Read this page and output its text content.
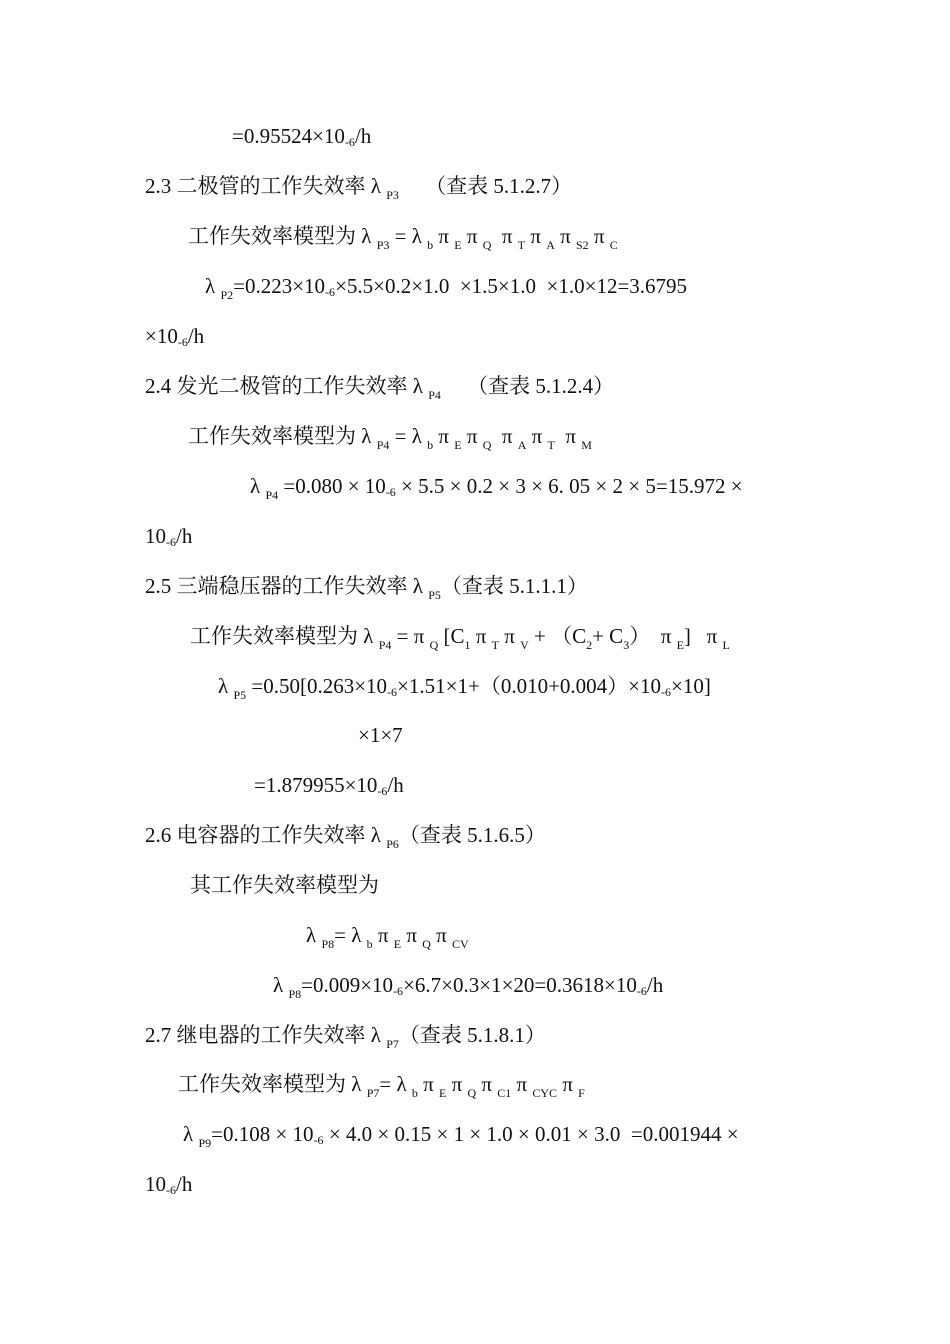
$=0.95524\times 10_{-6}/h$
2.3 二极管的工作失效率 λ $_{P3}$     （查表 5.1.2.7）
工作失效率模型为 λ $_{P3}$ = λ $_b$ π $_E$ π $_Q$  π $_T$ π $_A$ π $_{S2}$ π $_C$
λ $_{P2}=0.223\times 10_{-6}\times 5.5\times 0.2\times 1.0 \times 1.5\times 1.0 \times 1.0\times 12=3.6795$
$\times 10_{-6}/h$
2.4 发光二极管的工作失效率 λ $_{P4}$     （查表 5.1.2.4）
工作失效率模型为 λ $_{P4}$ = λ $_b$ π $_E$ π $_Q$  π $_A$ π $_T$  π $_M$
λ $_{P4} =0.080 \times 10_{-6} \times 5.5 \times 0.2 \times 3 \times 6$. 05 × 2 × 5=15.972 ×
$10_{-6}/h$
2.5 三端稳压器的工作失效率 λ $_{P5}$（查表 5.1.1.1）
工作失效率模型为 λ $_{P4}$ = π $_Q$ [$C_1$ π $_T$ π $_V + (C_2+ C_3)$  π $_E$]   π $_L$
λ $_{P5} =0.50[0.263\times 10_{-6}\times 1.51\times 1+(0.010+0.004)\times 10_{-6}\times 10]$
×1×7
$=1.879955\times 10_{-6}/h$
2.6 电容器的工作失效率 λ $_{P6}$（查表 5.1.6.5）
其工作失效率模型为
λ $_{P8}$= λ $_b$ π $_E$ π $_Q$ π $_{CV}$
λ $_{P8}=0.009\times 10_{-6}\times 6.7\times 0.3\times 1\times 20=0.3618\times 10_{-6}/h$
2.7 继电器的工作失效率 λ $_{P7}$（查表 5.1.8.1）
工作失效率模型为 λ $_{P7}$= λ $_b$ π $_E$ π $_Q$ π $_{C1}$ π $_{CYC}$ π $_F$
λ $_{P9}=0.108 \times 10_{-6} \times 4.0 \times 0.15 \times 1 \times 1.0 \times 0.01 \times 3.0 =0.001944$ ×
$10_{-6}/h$
